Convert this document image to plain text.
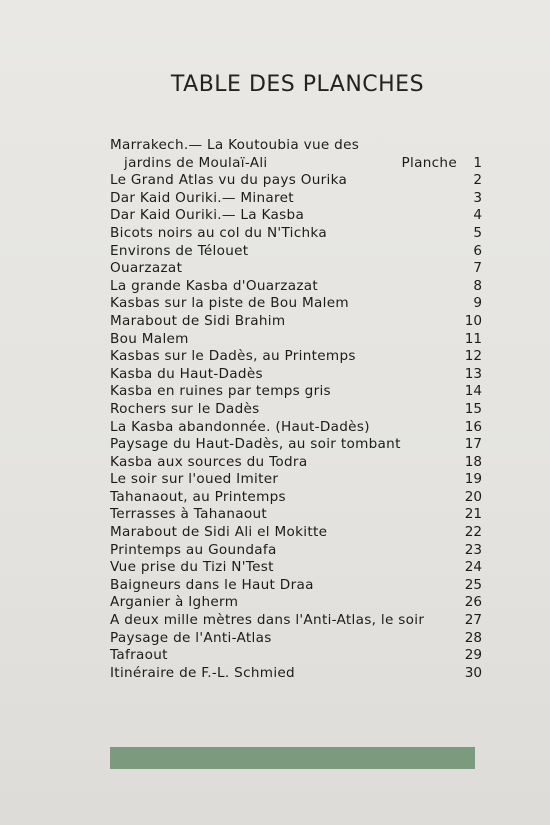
TABLE DES PLANCHES
Marrakech.— La Koutoubia vue des
jardins de Moulaï-Ali	Planche 1
Le Grand Atlas vu du pays Ourika	2
Dar Kaid Ouriki.— Minaret	3
Dar Kaid Ouriki.— La Kasba	4
Bicots noirs au col du N'Tichka	5
Environs de Télouet	6
Ouarzazat	7
La grande Kasba d'Ouarzazat	8
Kasbas sur la piste de Bou Malem	9
Marabout de Sidi Brahim	10
Bou Malem	11
Kasbas sur le Dadès, au Printemps	12
Kasba du Haut-Dadès	13
Kasba en ruines par temps gris	14
Rochers sur le Dadès	15
La Kasba abandonnée. (Haut-Dadès)	16
Paysage du Haut-Dadès, au soir tombant	17
Kasba aux sources du Todra	18
Le soir sur l'oued Imiter	19
Tahanaout, au Printemps	20
Terrasses à Tahanaout	21
Marabout de Sidi Ali el Mokitte	22
Printemps au Goundafa	23
Vue prise du Tizi N'Test	24
Baigneurs dans le Haut Draa	25
Arganier à Igherm	26
A deux mille mètres dans l'Anti-Atlas, le soir	27
Paysage de l'Anti-Atlas	28
Tafraout	29
Itinéraire de F.-L. Schmied	30
